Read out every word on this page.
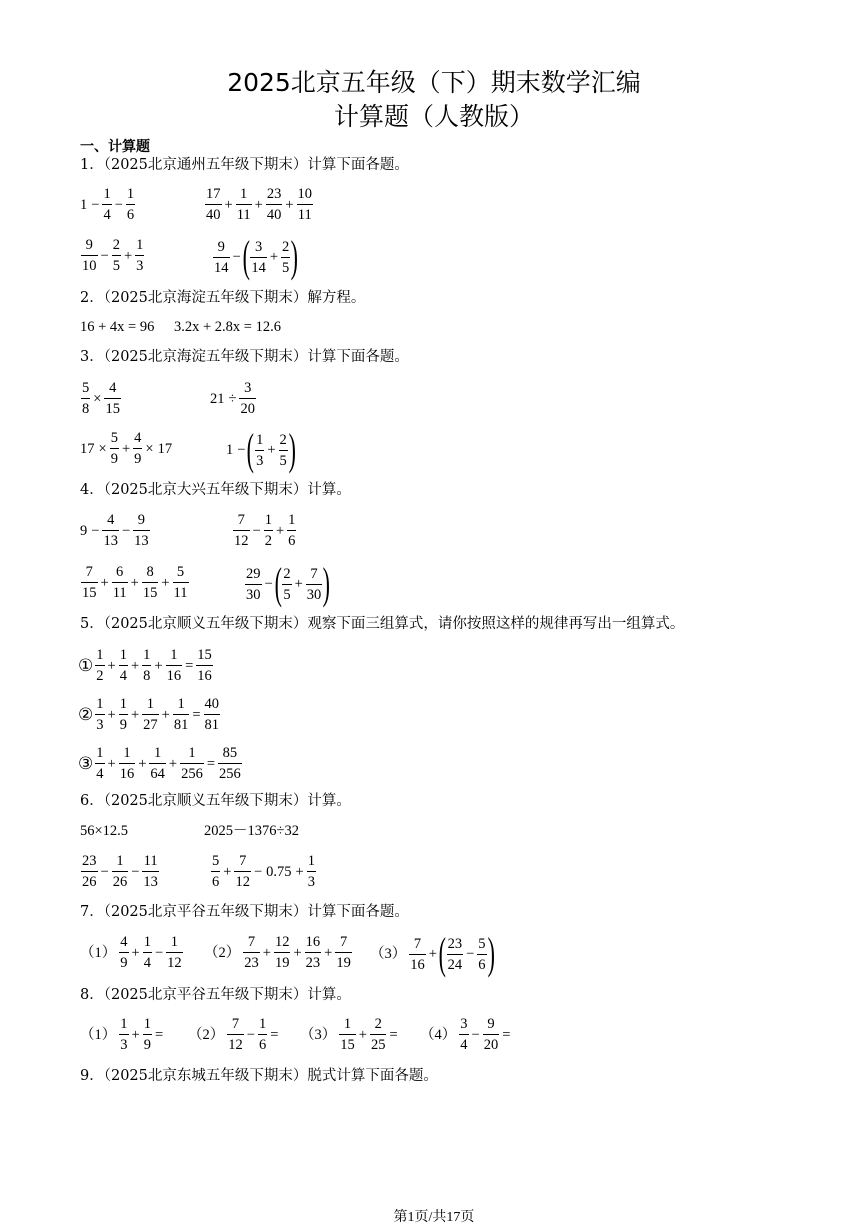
2025北京五年级（下）期末数学汇编
计算题（人教版）
一、计算题
1．（2025北京通州五年级下期末）计算下面各题。
$1 - \frac{1}{4} - \frac{1}{6}$	17
40
+ $\frac{1}{11} + \frac{23}{40} + \frac{10}{11}$
9
10
− $\frac{2}{5} + \frac{1}{3}$	9
14
− ( 3
14
+ $\frac{2}{5}$ )
2．（2025北京海淀五年级下期末）解方程。
16 + 4x = 96 3.2x + 2.8x = 12.6
3．（2025北京海淀五年级下期末）计算下面各题。
$\frac{5}{8} \times \frac{4}{15}$	$21 \div \frac{3}{20}$
$17 \times \frac{5}{9} + \frac{4}{9} \times 17$	1 − ( 1
3
+ $\frac{2}{5}$ )
4．（2025北京大兴五年级下期末）计算。
$9 - \frac{4}{13} - \frac{9}{13}$	7
12
− $\frac{1}{2} + \frac{1}{6}$
7
15
+ $\frac{6}{11} + \frac{8}{15} + \frac{5}{11}$	29
30
− ( 2
5
+ $\frac{7}{30}$ )
5．（2025北京顺义五年级下期末）观察下面三组算式，请你按照这样的规律再写出一组算式。
①
1
2
+ $\frac{1}{4} + \frac{1}{8} + \frac{1}{16} = \frac{15}{16}$
②
1
3
+ $\frac{1}{9} + \frac{1}{27} + \frac{1}{81} = \frac{40}{81}$
③
1
4
+ $\frac{1}{16} + \frac{1}{64} + \frac{1}{256} = \frac{85}{256}$
6．（2025北京顺义五年级下期末）计算。
56×12.5	2025－1376÷32
23
26
− $\frac{1}{26} - \frac{11}{13}$	5
6
+ $\frac{7}{12} - 0.75 + \frac{1}{3}$
7．（2025北京平谷五年级下期末）计算下面各题。
（1）
4
9
+ $\frac{1}{4} - \frac{1}{12} (2)$
7
23
+ $\frac{12}{19} + \frac{16}{23} + \frac{7}{19} (3)$
7
16
+ ( 23
24
− $\frac{5}{6}$ )
8．（2025北京平谷五年级下期末）计算。
（1）
1
3
+ $\frac{1}{9} = (2)$
7
12
− $\frac{1}{6} = (3)$
1
15
+ $\frac{2}{25} = (4)$
3
4
− $\frac{9}{20}$ =
9．（2025北京东城五年级下期末）脱式计算下面各题。
第1页/共17页
